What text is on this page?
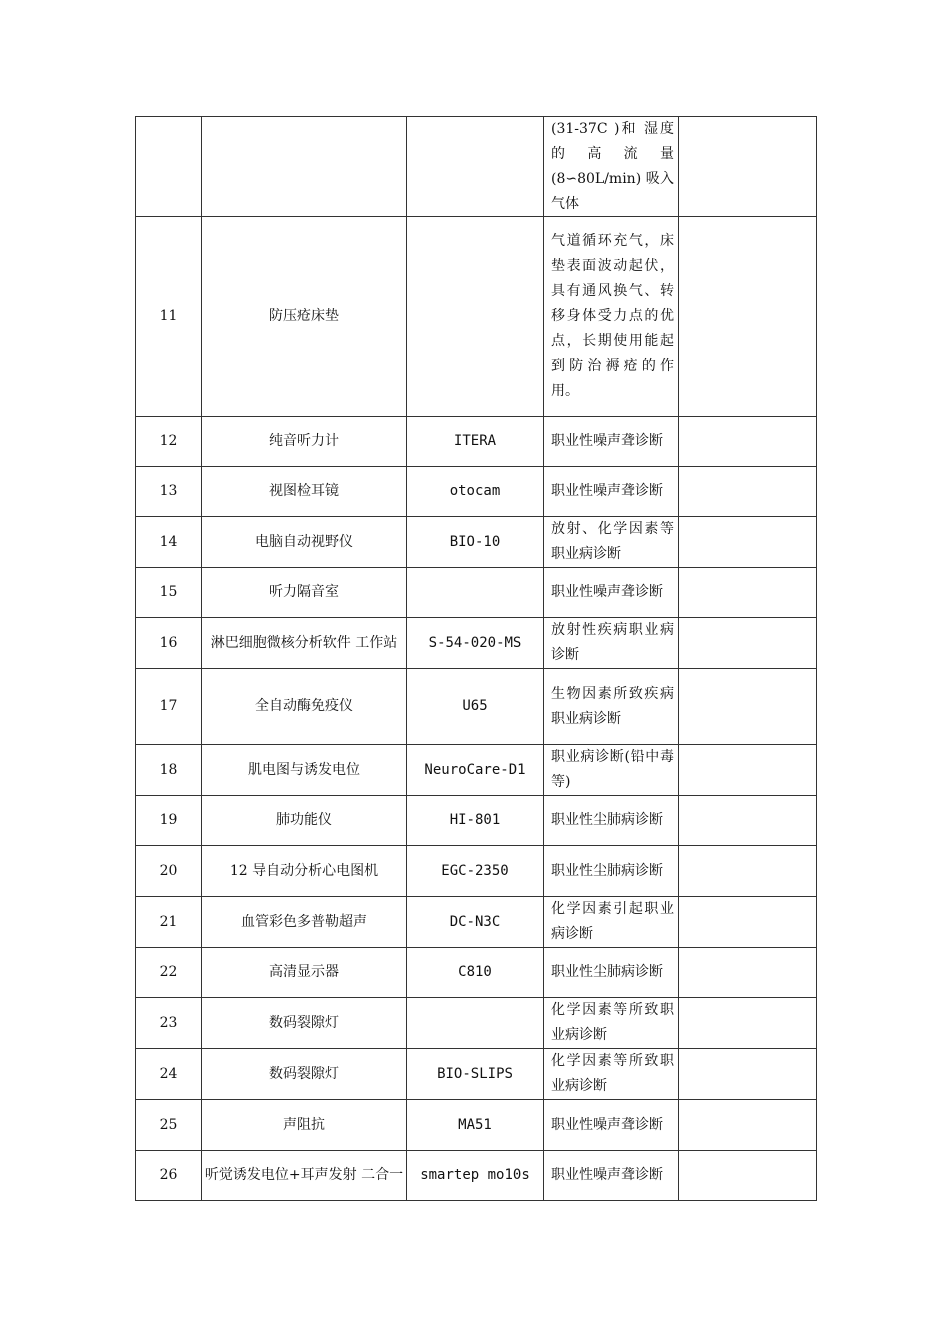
			(31-37C )和 湿度的高流量(8∽80L/min) 吸入气体	

11	防压疮床垫		气道循环充气，床垫表面波动起伏，具有通风换气、转移身体受力点的优点，长期使用能起到防治褥疮的作用。	

12	纯音听力计	ITERA	职业性噪声聋诊断	

13	视图检耳镜	otocam	职业性噪声聋诊断	

14	电脑自动视野仪	BIO-10	放射、化学因素等职业病诊断	

15	听力隔音室		职业性噪声聋诊断	

16	淋巴细胞微核分析软件 工作站	S-54-020-MS	放射性疾病职业病诊断	

17	全自动酶免疫仪	U65	生物因素所致疾病职业病诊断	

18	肌电图与诱发电位	NeuroCare-D1	职业病诊断(铅中毒等)	

19	肺功能仪	HI-801	职业性尘肺病诊断	

20	12 导自动分析心电图机	EGC-2350	职业性尘肺病诊断	

21	血管彩色多普勒超声	DC-N3C	化学因素引起职业病诊断	

22	高清显示器	C810	职业性尘肺病诊断	

23	数码裂隙灯		化学因素等所致职业病诊断	

24	数码裂隙灯	BIO-SLIPS	化学因素等所致职业病诊断	

25	声阻抗	MA51	职业性噪声聋诊断	

26	听觉诱发电位+耳声发射 二合一	smartep mo10s	职业性噪声聋诊断	
